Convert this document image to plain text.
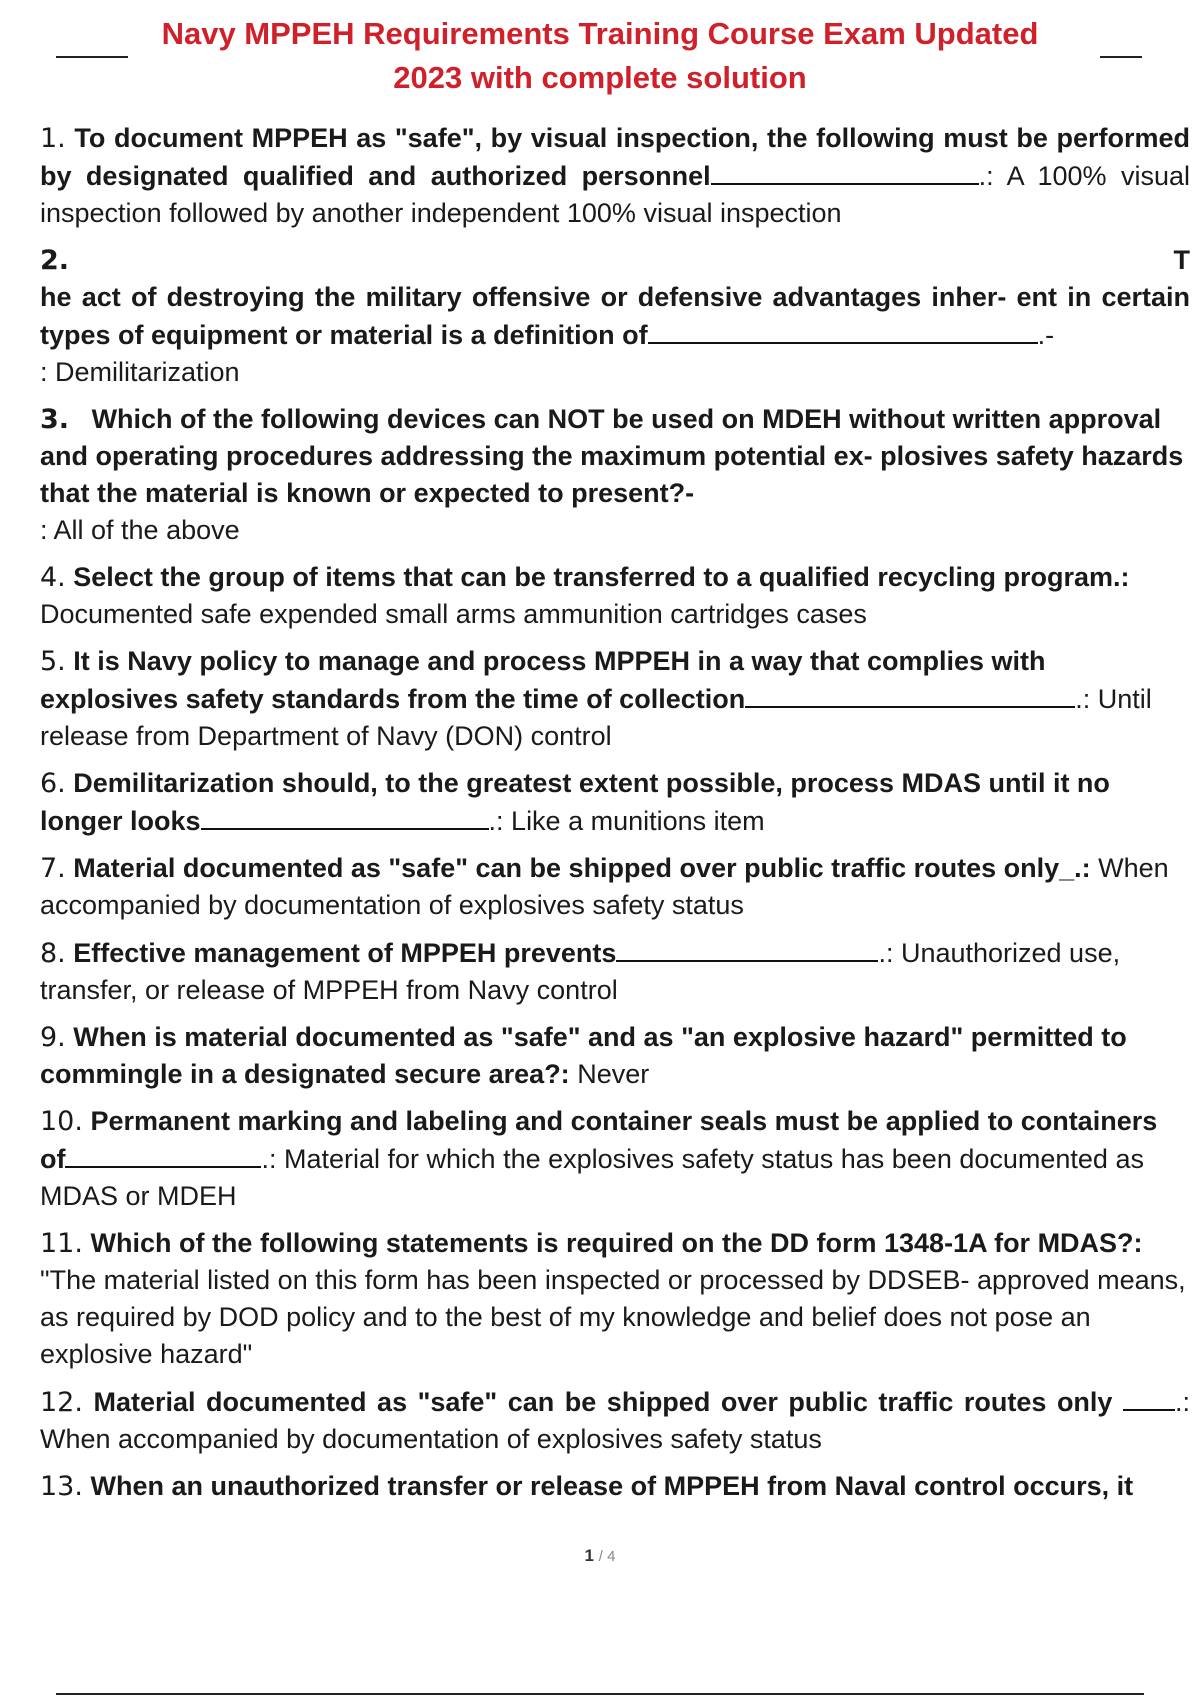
Navy MPPEH Requirements Training Course Exam Updated
2023 with complete solution
1. To document MPPEH as "safe", by visual inspection, the following must be performed by designated qualified and authorized personnel	.: A 100% visual inspection followed by another independent 100% visual inspection
2.	T
he act of destroying the military offensive or defensive advantages inher- ent in certain types of equipment or material is a definition of	.-
: Demilitarization
3. Which of the following devices can NOT be used on MDEH without written approval and operating procedures addressing the maximum potential ex- plosives safety hazards that the material is known or expected to present?-
: All of the above
4. Select the group of items that can be transferred to a qualified recycling program.: Documented safe expended small arms ammunition cartridges cases
5. It is Navy policy to manage and process MPPEH in a way that complies with explosives safety standards from the time of collection	.: Until release from Department of Navy (DON) control
6. Demilitarization should, to the greatest extent possible, process MDAS until it no longer looks	.: Like a munitions item
7. Material documented as "safe" can be shipped over public traffic routes only_.: When accompanied by documentation of explosives safety status
8. Effective management of MPPEH prevents	.: Unauthorized use, transfer, or release of MPPEH from Navy control
9. When is material documented as "safe" and as "an explosive hazard" permitted to commingle in a designated secure area?: Never
10. Permanent marking and labeling and container seals must be applied to containers of	.: Material for which the explosives safety status has been documented as MDAS or MDEH
11. Which of the following statements is required on the DD form 1348-1A for MDAS?: "The material listed on this form has been inspected or processed by DDSEB- approved means, as required by DOD policy and to the best of my knowledge and belief does not pose an explosive hazard"
12. Material documented as "safe" can be shipped over public traffic routes only .: When accompanied by documentation of explosives safety status
13. When an unauthorized transfer or release of MPPEH from Naval control occurs, it
1 / 4
